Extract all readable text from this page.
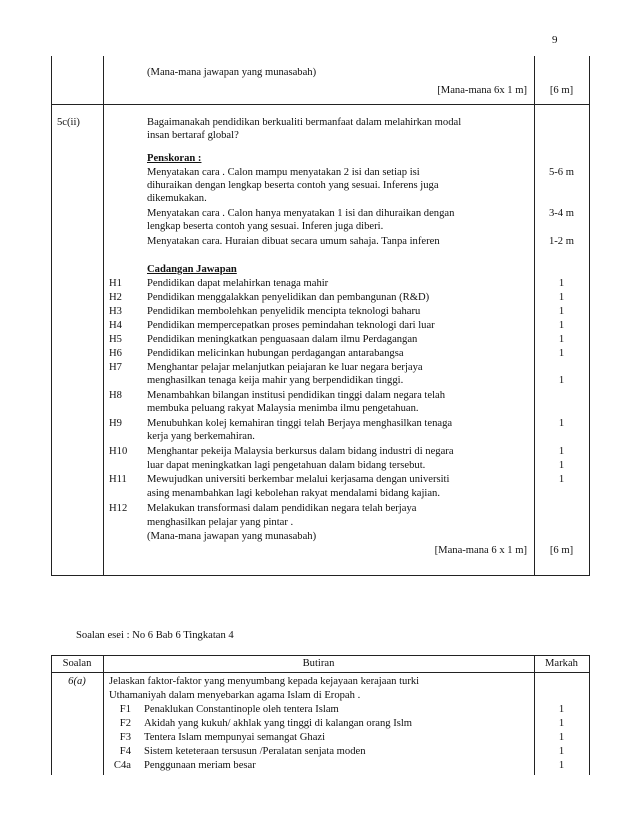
9
(Mana-mana jawapan yang munasabah)
[Mana-mana 6x 1 m]	[6 m]
5c(ii)	Bagaimanakah pendidikan berkualiti bermanfaat dalam melahirkan modal
insan bertaraf global?
Penskoran :
Menyatakan cara . Calon mampu menyatakan 2 isi dan setiap isi	5-6 m
dihuraikan dengan lengkap beserta contoh yang sesuai. Inferens juga
dikemukakan.
Menyatakan cara . Calon hanya menyatakan 1 isi dan dihuraikan dengan	3-4 m
lengkap beserta contoh yang sesuai. Inferen juga diberi.
Menyatakan cara. Huraian dibuat secara umum sahaja. Tanpa inferen	1-2 m
Cadangan Jawapan
H1 Pendidikan dapat melahirkan tenaga mahir	1
H2 Pendidikan menggalakkan penyelidikan dan pembangunan (R&D)	1
H3 Pendidikan membolehkan penyelidik mencipta teknologi baharu	1
H4 Pendidikan mempercepatkan proses pemindahan teknologi dari luar	1
H5 Pendidikan meningkatkan penguasaan dalam ilmu Perdagangan	1
H6 Pendidikan melicinkan hubungan perdagangan antarabangsa	1
H7 Menghantar pelajar melanjutkan peiajaran ke luar negara berjaya
menghasilkan tenaga keija mahir yang berpendidikan tinggi.	1
H8 Menambahkan bilangan institusi pendidikan tinggi dalam negara telah
membuka peluang rakyat Malaysia menimba ilmu pengetahuan.
H9 Menubuhkan kolej kemahiran tinggi telah Berjaya menghasilkan tenaga	1
kerja yang berkemahiran.
H10 Menghantar pekeija Malaysia berkursus dalam bidang industri di negara	1
luar dapat meningkatkan lagi pengetahuan dalam bidang tersebut.	1
H11 Mewujudkan universiti berkembar melalui kerjasama dengan universiti	1
asing menambahkan lagi kebolehan rakyat mendalami bidang kajian.
H12 Melakukan transformasi dalam pendidikan negara telah berjaya
menghasilkan pelajar yang pintar .
(Mana-mana jawapan yang munasabah)
[Mana-mana 6 x 1 m]	[6 m]
Soalan esei : No 6 Bab 6 Tingkatan 4
Soalan	Butiran	Markah
6(a)	Jelaskan faktor-faktor yang menyumbang kepada kejayaan kerajaan turki
Uthamaniyah dalam menyebarkan agama Islam di Eropah .
F1 Penaklukan Constantinople oleh tentera Islam	1
F2 Akidah yang kukuh/ akhlak yang tinggi di kalangan orang Islm	1
F3 Tentera Islam mempunyai semangat Ghazi	1
F4 Sistem keteteraan tersusun /Peralatan senjata moden	1
C4a Penggunaan meriam besar	1
